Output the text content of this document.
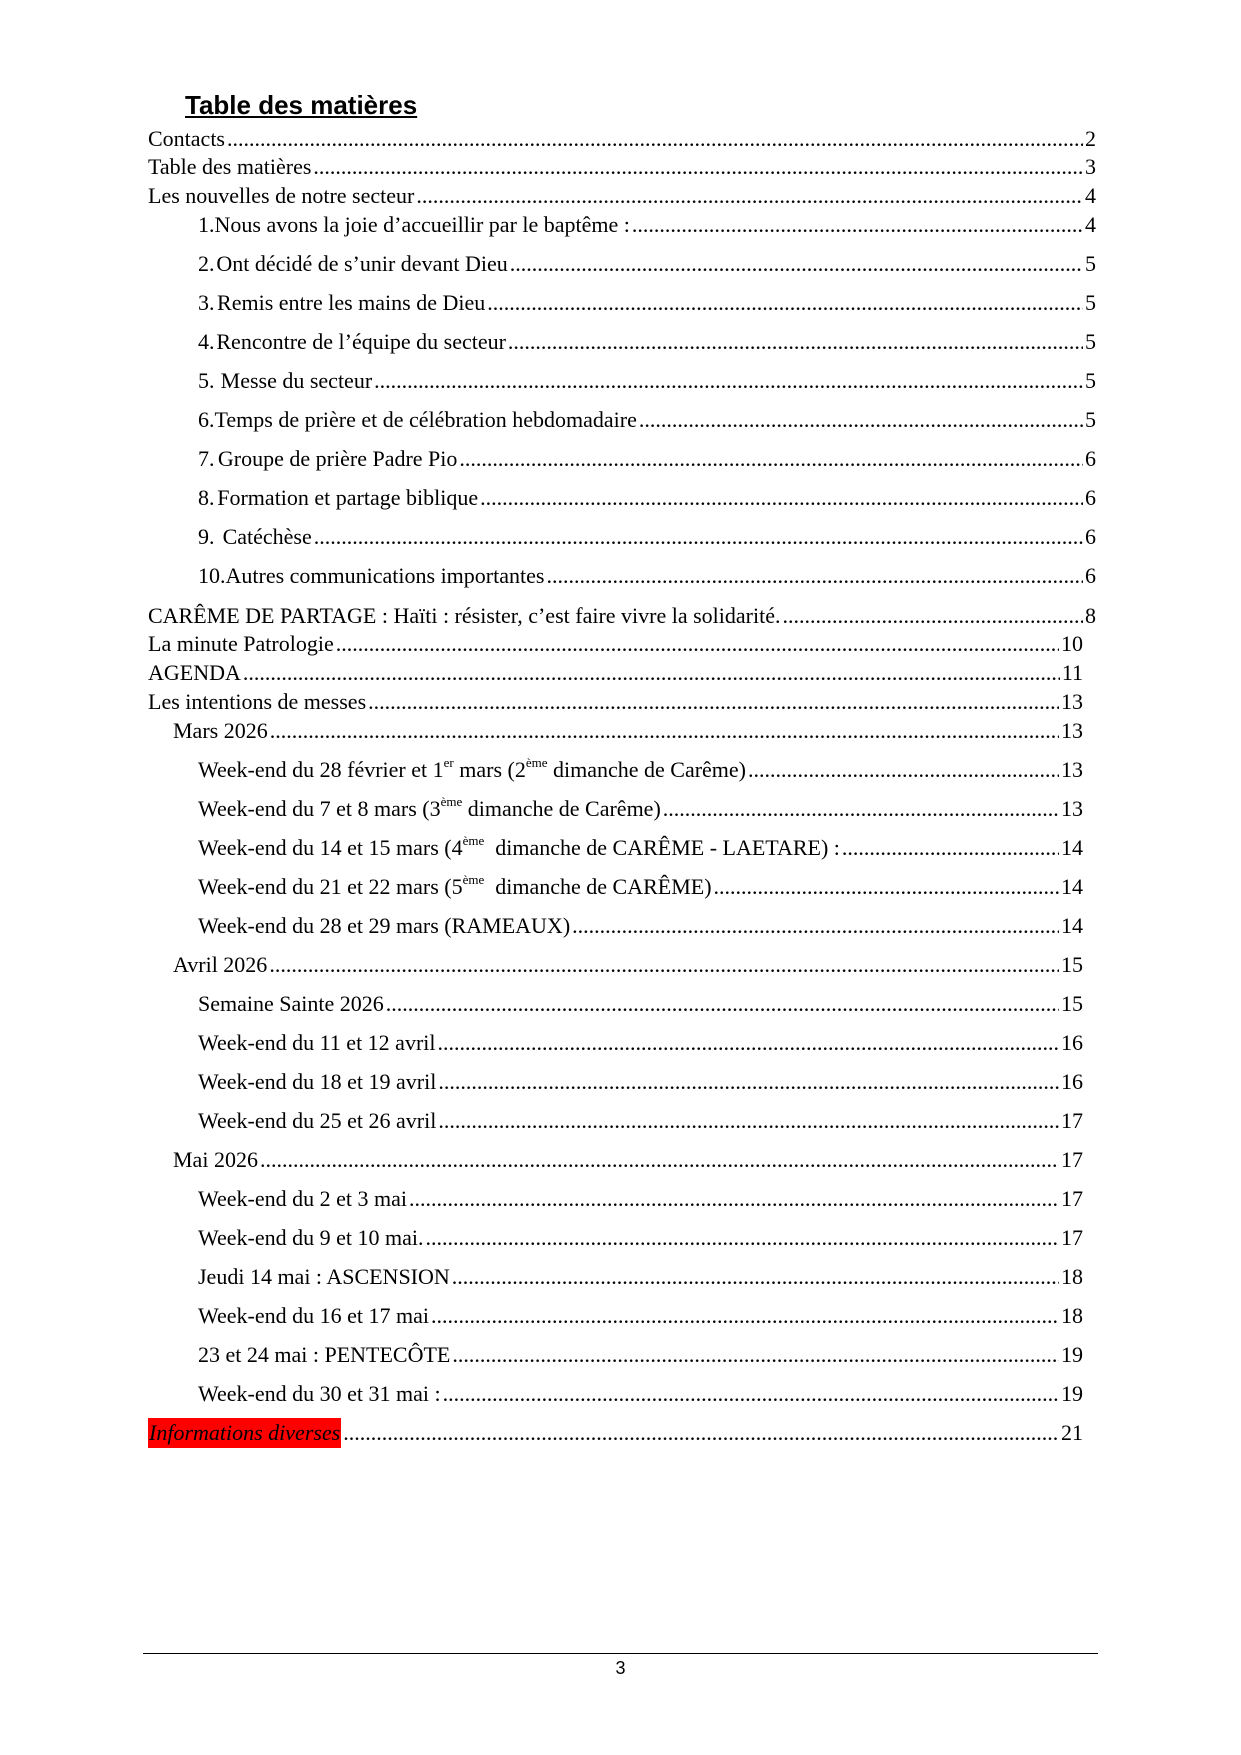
Table des matières
Contacts .....	2
Table des matières .....	3
Les nouvelles de notre secteur .....	4
1. Nous avons la joie d’accueillir par le baptême : .....	4
2. Ont décidé de s’unir devant Dieu .....	5
3. Remis entre les mains de Dieu .....	5
4. Rencontre de l’équipe du secteur .....	5
5. Messe du secteur .....	5
6. Temps de prière et de célébration hebdomadaire .....	5
7. Groupe de prière Padre Pio .....	6
8. Formation et partage biblique .....	6
9. Catéchèse .....	6
10. Autres communications importantes .....	6
CARÊME DE PARTAGE : Haïti : résister, c’est faire vivre la solidarité. .....	8
La minute Patrologie .....	10
AGENDA .....	11
Les intentions de messes .....	13
Mars 2026 .....	13
Week-end du 28 février et 1er mars (2ème dimanche de Carême) .....	13
Week-end du 7 et 8 mars (3ème dimanche de Carême) .....	13
Week-end du 14 et 15 mars (4ème  dimanche de CARÊME - LAETARE) : .....	14
Week-end du 21 et 22 mars (5ème  dimanche de CARÊME) .....	14
Week-end du 28 et 29 mars (RAMEAUX) .....	14
Avril 2026 .....	15
Semaine Sainte 2026 .....	15
Week-end du 11 et 12 avril .....	16
Week-end du 18 et 19 avril .....	16
Week-end du 25 et 26 avril .....	17
Mai 2026 .....	17
Week-end du 2 et 3 mai .....	17
Week-end du 9 et 10 mai. .....	17
Jeudi 14 mai : ASCENSION .....	18
Week-end du 16 et 17 mai .....	18
23 et 24 mai : PENTECÔTE .....	19
Week-end du 30 et 31 mai : .....	19
Informations diverses .....	21
3
